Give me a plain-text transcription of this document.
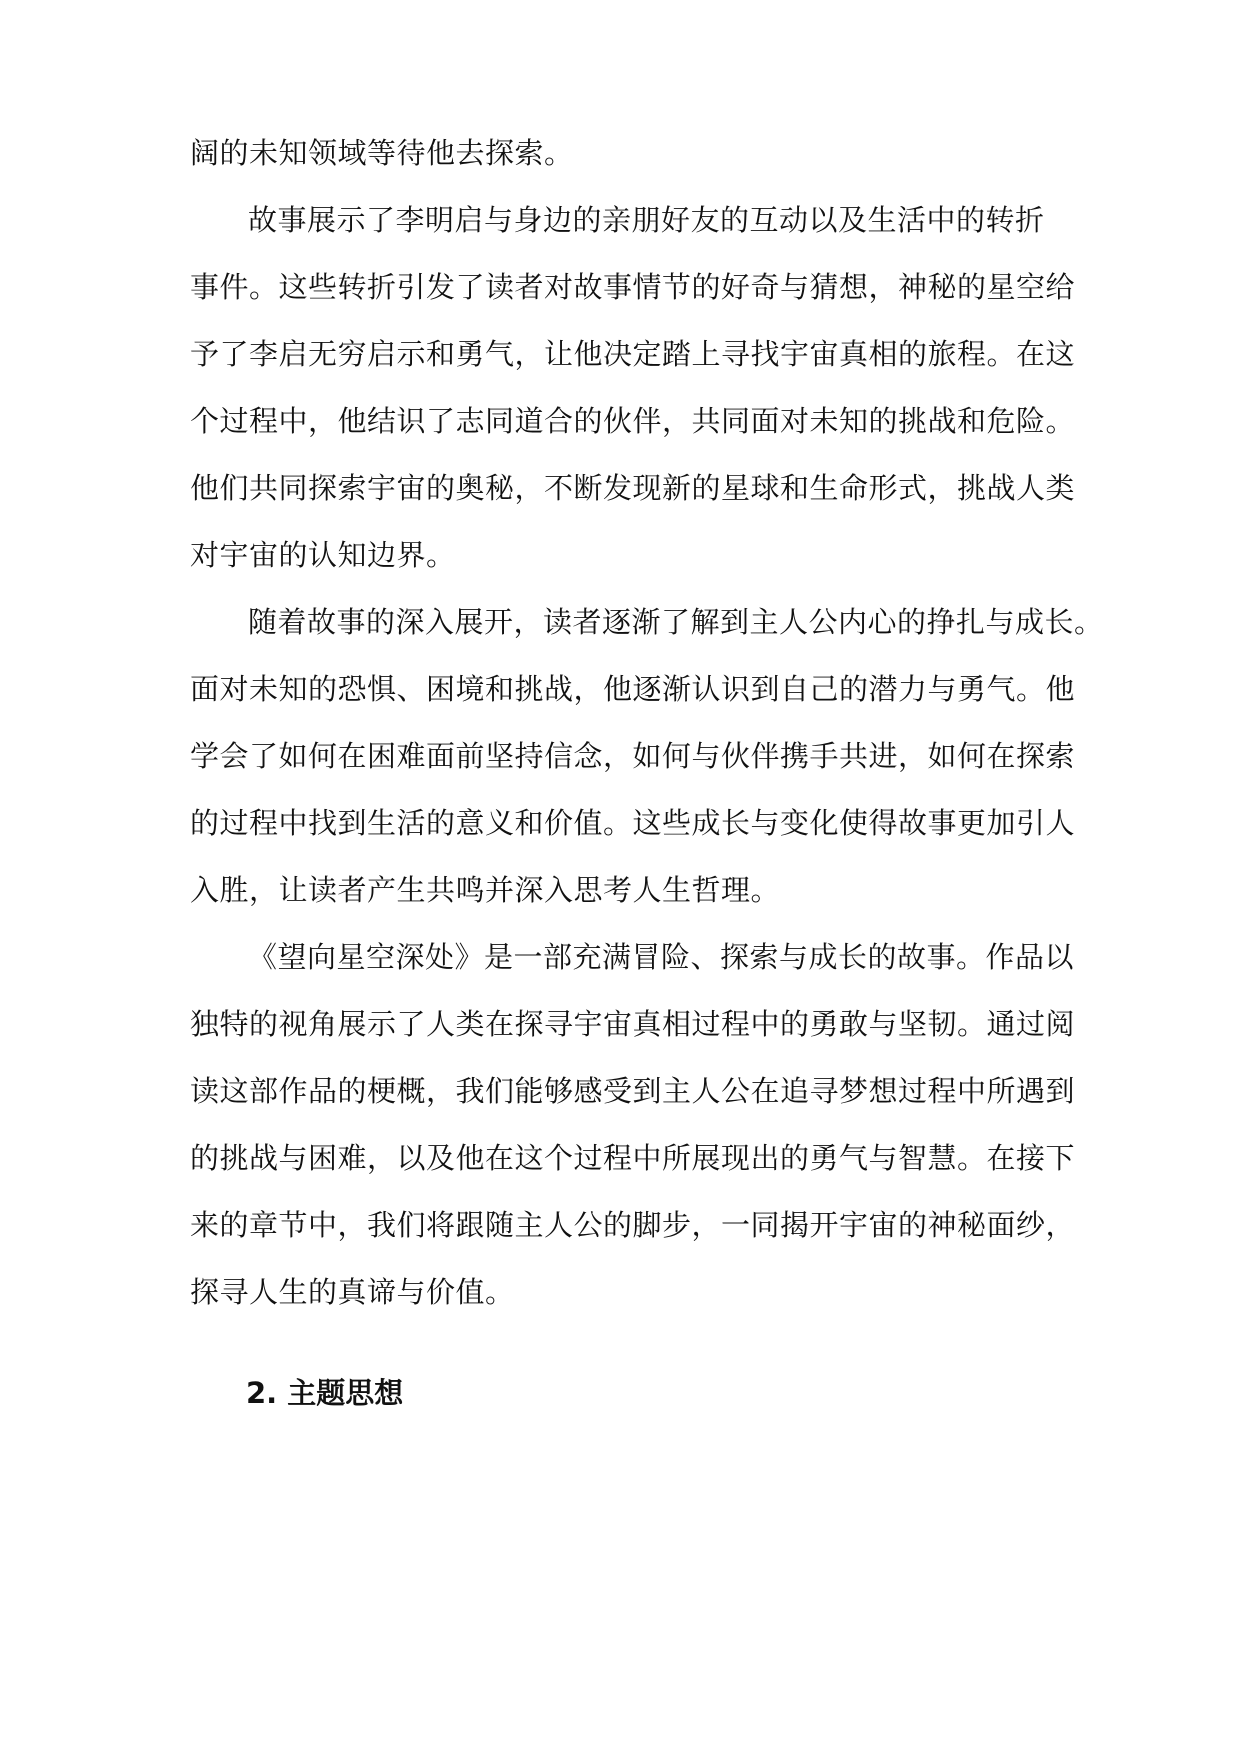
阔的未知领域等待他去探索。
故事展示了李明启与身边的亲朋好友的互动以及生活中的转折
事件。这些转折引发了读者对故事情节的好奇与猜想，神秘的星空给
予了李启无穷启示和勇气，让他决定踏上寻找宇宙真相的旅程。在这
个过程中，他结识了志同道合的伙伴，共同面对未知的挑战和危险。
他们共同探索宇宙的奥秘，不断发现新的星球和生命形式，挑战人类
对宇宙的认知边界。
随着故事的深入展开，读者逐渐了解到主人公内心的挣扎与成长。
面对未知的恐惧、困境和挑战，他逐渐认识到自己的潜力与勇气。他
学会了如何在困难面前坚持信念，如何与伙伴携手共进，如何在探索
的过程中找到生活的意义和价值。这些成长与变化使得故事更加引人
入胜，让读者产生共鸣并深入思考人生哲理。
《望向星空深处》是一部充满冒险、探索与成长的故事。作品以
独特的视角展示了人类在探寻宇宙真相过程中的勇敢与坚韧。通过阅
读这部作品的梗概，我们能够感受到主人公在追寻梦想过程中所遇到
的挑战与困难，以及他在这个过程中所展现出的勇气与智慧。在接下
来的章节中，我们将跟随主人公的脚步，一同揭开宇宙的神秘面纱，
探寻人生的真谛与价值。
2. 主题思想
